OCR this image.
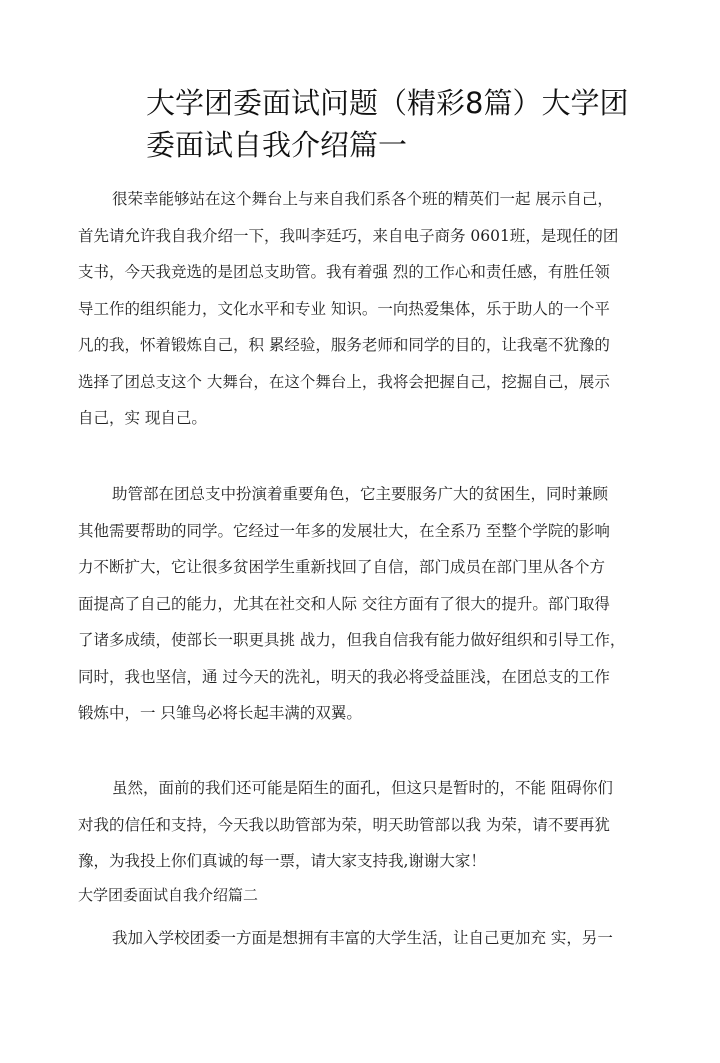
大学团委面试问题（精彩8篇）大学团
委面试自我介绍篇一

很荣幸能够站在这个舞台上与来自我们系各个班的精英们一起 展示自己，

首先请允许我自我介绍一下，我叫李廷巧，来自电子商务 0601班，是现任的团

支书，今天我竞选的是团总支助管。我有着强 烈的工作心和责任感，有胜任领

导工作的组织能力，文化水平和专业 知识。一向热爱集体，乐于助人的一个平

凡的我，怀着锻炼自己，积 累经验，服务老师和同学的目的，让我毫不犹豫的

选择了团总支这个 大舞台，在这个舞台上，我将会把握自己，挖掘自己，展示

自己，实 现自己。

助管部在团总支中扮演着重要角色，它主要服务广大的贫困生，同时兼顾

其他需要帮助的同学。它经过一年多的发展壮大，在全系乃 至整个学院的影响

力不断扩大，它让很多贫困学生重新找回了自信，部门成员在部门里从各个方

面提高了自己的能力，尤其在社交和人际 交往方面有了很大的提升。部门取得

了诸多成绩，使部长一职更具挑 战力，但我自信我有能力做好组织和引导工作，

同时，我也坚信，通 过今天的洗礼，明天的我必将受益匪浅，在团总支的工作

锻炼中，一 只雏鸟必将长起丰满的双翼。

虽然，面前的我们还可能是陌生的面孔，但这只是暂时的，不能 阻碍你们

对我的信任和支持，今天我以助管部为荣，明天助管部以我 为荣，请不要再犹

豫，为我投上你们真诚的每一票，请大家支持我,谢谢大家！

大学团委面试自我介绍篇二

我加入学校团委一方面是想拥有丰富的大学生活，让自己更加充 实，另一
